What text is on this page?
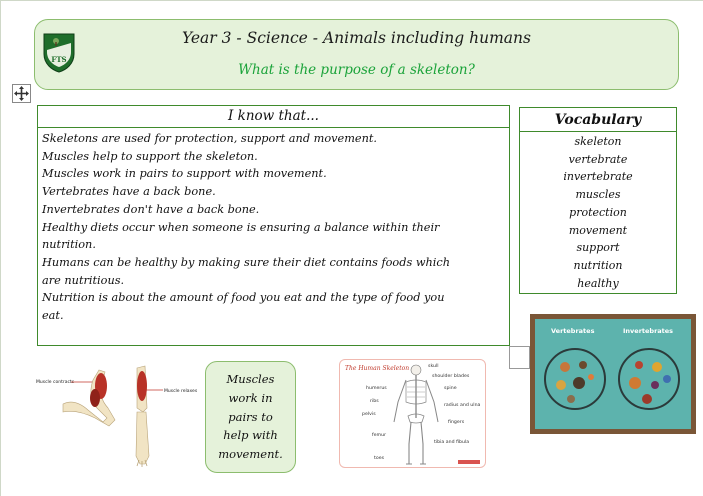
Year 3 - Science - Animals including humans
What is the purpose of a skeleton?
FTS
I know that...
Skeletons are used for protection, support and movement.
Muscles help to support the skeleton.
Muscles work in pairs to support with movement.
Vertebrates have a back bone.
Invertebrates don't have a back bone.
Healthy diets occur when someone is ensuring a balance within their
nutrition.
Humans can be healthy by making sure their diet contains foods which
are nutritious.
Nutrition is about the amount of food you eat and the type of food you
eat.
Vocabulary
skeleton
vertebrate
invertebrate
muscles
protection
movement
support
nutrition
healthy
Muscle contracts
Muscle relaxes
Muscles
work in
pairs to
help with
movement.
The Human Skeleton	skull
shoulder blades
humerus	spine
ribs
radius and ulna
pelvis
fingers
femur
tibia and fibula
toes
Vertebrates	Invertebrates
